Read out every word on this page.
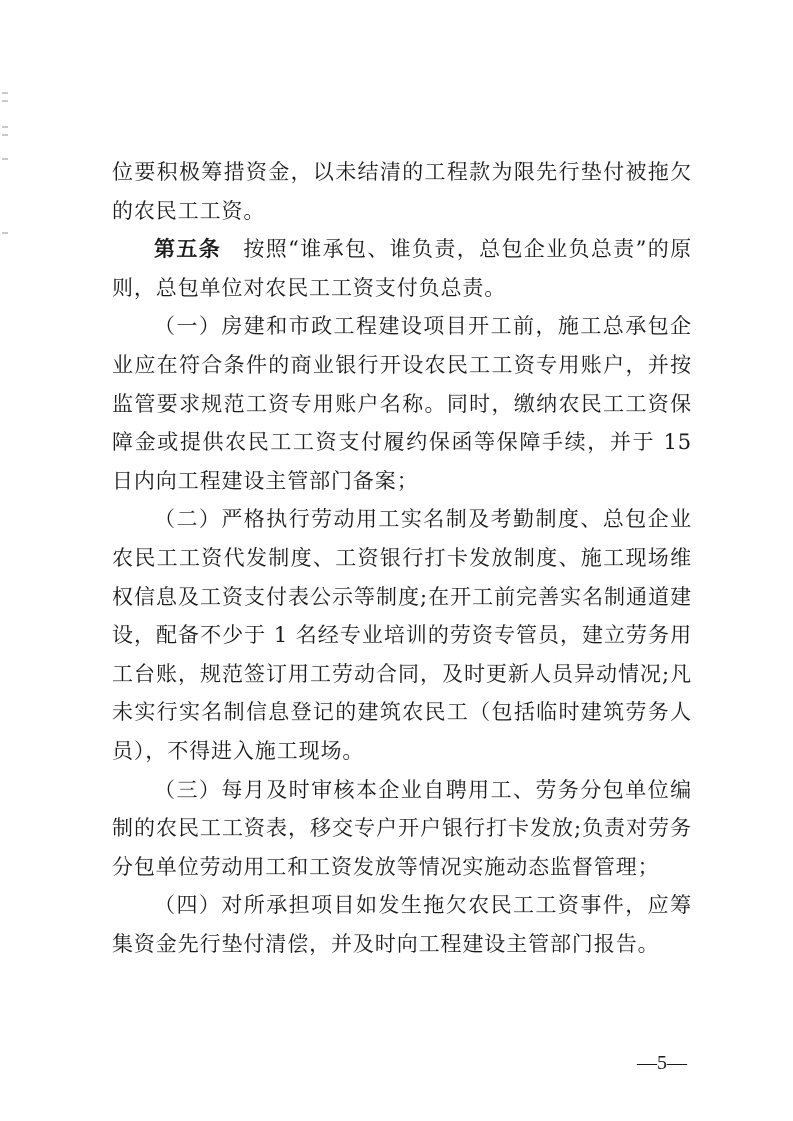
位要积极筹措资金，以未结清的工程款为限先行垫付被拖欠的农民工工资。

第五条　按照“谁承包、谁负责，总包企业负总责”的原则，总包单位对农民工工资支付负总责。

（一）房建和市政工程建设项目开工前，施工总承包企业应在符合条件的商业银行开设农民工工资专用账户，并按监管要求规范工资专用账户名称。同时，缴纳农民工工资保障金或提供农民工工资支付履约保函等保障手续，并于 15 日内向工程建设主管部门备案；

（二）严格执行劳动用工实名制及考勤制度、总包企业农民工工资代发制度、工资银行打卡发放制度、施工现场维权信息及工资支付表公示等制度;在开工前完善实名制通道建设，配备不少于 1 名经专业培训的劳资专管员，建立劳务用工台账，规范签订用工劳动合同，及时更新人员异动情况;凡未实行实名制信息登记的建筑农民工（包括临时建筑劳务人员），不得进入施工现场。

（三）每月及时审核本企业自聘用工、劳务分包单位编制的农民工工资表，移交专户开户银行打卡发放;负责对劳务分包单位劳动用工和工资发放等情况实施动态监督管理；

（四）对所承担项目如发生拖欠农民工工资事件，应筹集资金先行垫付清偿，并及时向工程建设主管部门报告。

—5—
